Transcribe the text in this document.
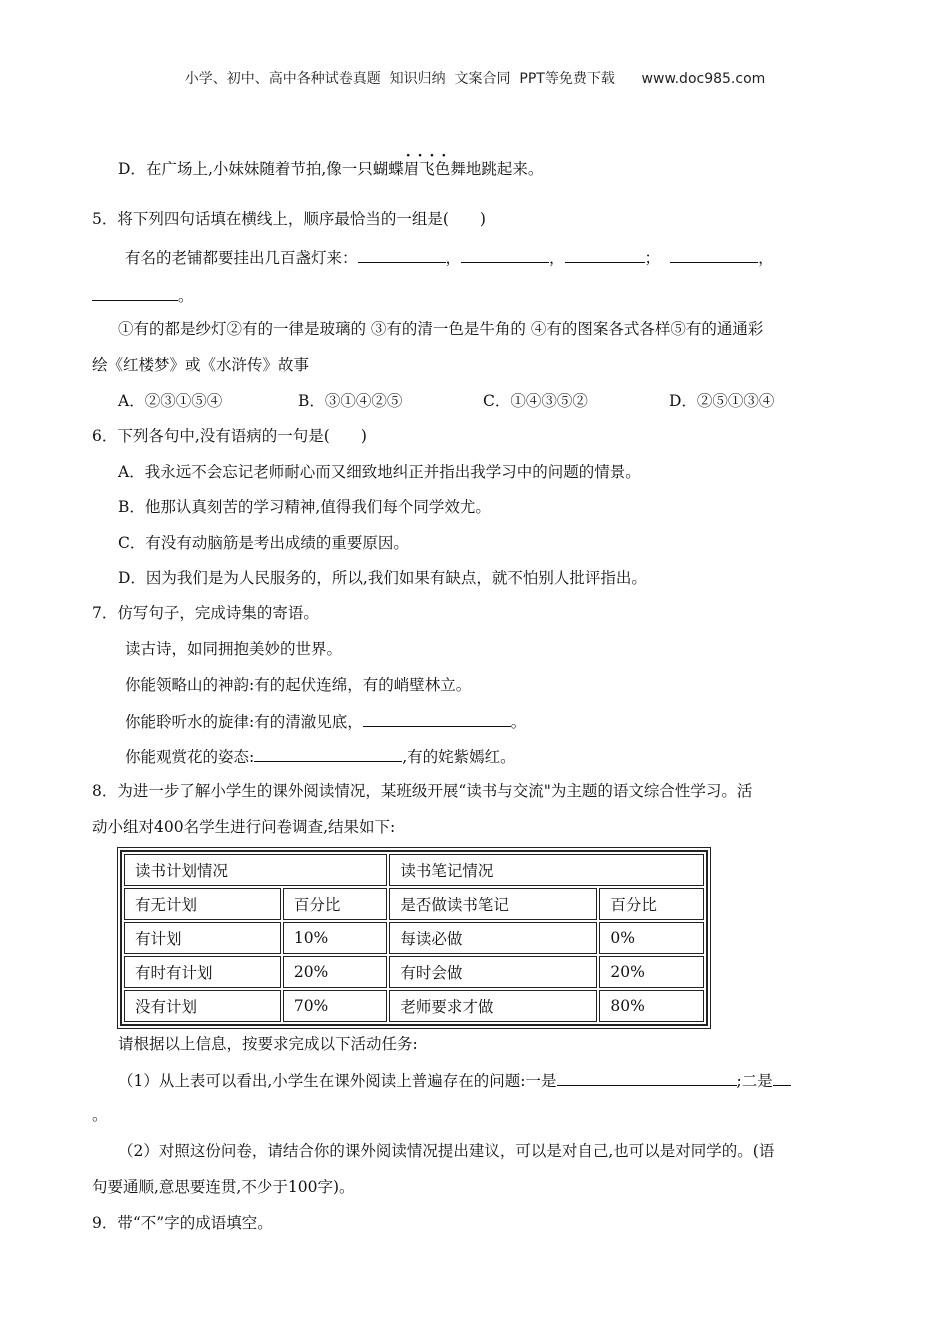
小学、初中、高中各种试卷真题  知识归纳  文案合同  PPT等免费下载      www.doc985.com
D．在广场上,小妹妹随着节拍,像一只蝴蝶· · · · 眉飞色舞地跳起来。
5．将下列四句话填在横线上，顺序最恰当的一组是(　　)
有名的老铺都要挂出几百盏灯来：	，	，	；	，
。
①有的都是纱灯②有的一律是玻璃的 ③有的清一色是牛角的 ④有的图案各式各样⑤有的通通彩
绘《红楼梦》或《水浒传》故事
A．②③①⑤④	B．③①④②⑤	C．①④③⑤②	D．②⑤①③④
6．下列各句中,没有语病的一句是(　　)
A．我永远不会忘记老师耐心而又细致地纠正并指出我学习中的问题的情景。
B．他那认真刻苦的学习精神,值得我们每个同学效尤。
C．有没有动脑筋是考出成绩的重要原因。
D．因为我们是为人民服务的，所以,我们如果有缺点，就不怕别人批评指出。
7．仿写句子，完成诗集的寄语。
读古诗，如同拥抱美妙的世界。
你能领略山的神韵:有的起伏连绵，有的峭壁林立。
你能聆听水的旋律:有的清澈见底，	。
你能观赏花的姿态:	,有的姹紫嫣红。
8．为进一步了解小学生的课外阅读情况，某班级开展“读书与交流"为主题的语文综合性学习。活
动小组对400名学生进行问卷调查,结果如下:
读书计划情况		读书笔记情况	
有无计划	百分比	是否做读书笔记	百分比
有计划	10%	每读必做	0%
有时有计划	20%	有时会做	20%
没有计划	70%	老师要求才做	80%
请根据以上信息，按要求完成以下活动任务:
（1）从上表可以看出,小学生在课外阅读上普遍存在的问题:一是	;二是
。
（2）对照这份问卷，请结合你的课外阅读情况提出建议，可以是对自己,也可以是对同学的。(语
句要通顺,意思要连贯,不少于100字)。
9．带“不”字的成语填空。
